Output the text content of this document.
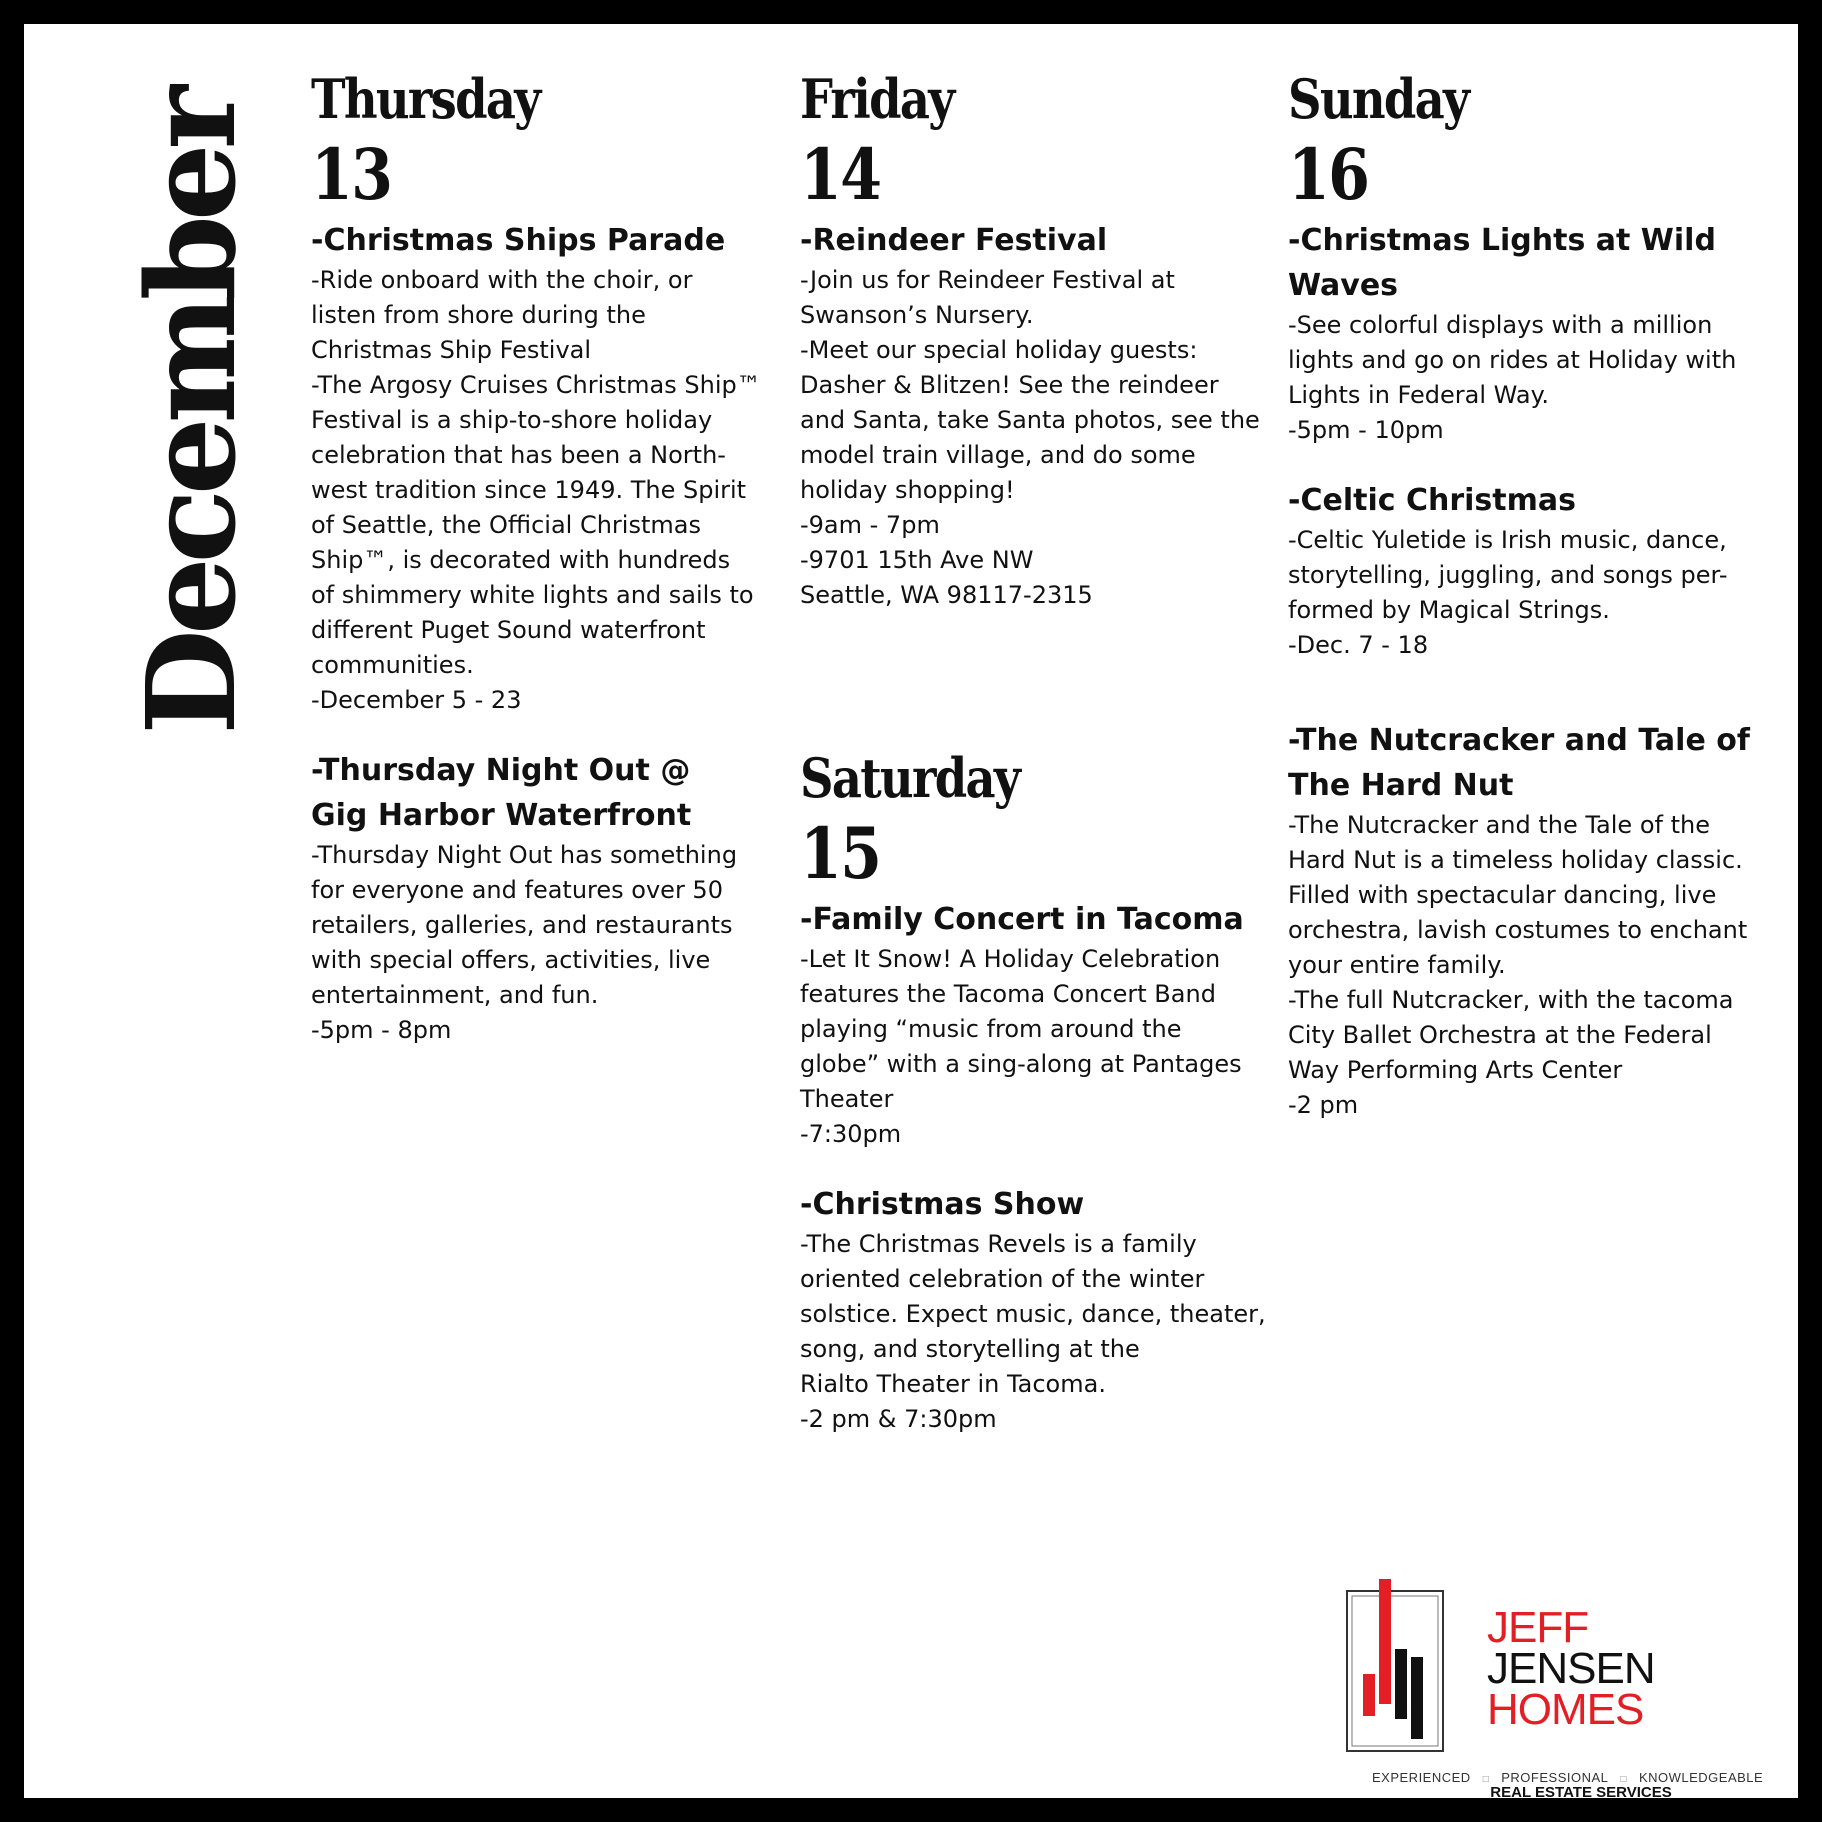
December Thursday
13
-Christmas Ships Parade
-Ride onboard with the choir, or
listen from shore during the
Christmas Ship Festival
-The Argosy Cruises Christmas Ship™
Festival is a ship-to-shore holiday
celebration that has been a North-
west tradition since 1949. The Spirit
of Seattle, the Official Christmas
Ship™, is decorated with hundreds
of shimmery white lights and sails to
different Puget Sound waterfront
communities.
-December 5 - 23
-Thursday Night Out @
Gig Harbor Waterfront
-Thursday Night Out has something
for everyone and features over 50
retailers, galleries, and restaurants
with special offers, activities, live
entertainment, and fun.
-5pm - 8pm
Friday
14
-Reindeer Festival
-Join us for Reindeer Festival at
Swanson’s Nursery.
-Meet our special holiday guests:
Dasher & Blitzen! See the reindeer
and Santa, take Santa photos, see the
model train village, and do some
holiday shopping!
-9am - 7pm
-9701 15th Ave NW
Seattle, WA 98117-2315
Saturday
15
-Family Concert in Tacoma
-Let It Snow! A Holiday Celebration
features the Tacoma Concert Band
playing “music from around the
globe” with a sing-along at Pantages
Theater
-7:30pm
-Christmas Show
-The Christmas Revels is a family
oriented celebration of the winter
solstice. Expect music, dance, theater,
song, and storytelling at the
Rialto Theater in Tacoma.
-2 pm & 7:30pm
Sunday
16
-Christmas Lights at Wild
Waves
-See colorful displays with a million
lights and go on rides at Holiday with
Lights in Federal Way.
-5pm - 10pm
-Celtic Christmas
-Celtic Yuletide is Irish music, dance,
storytelling, juggling, and songs per-
formed by Magical Strings.
-Dec. 7 - 18
-The Nutcracker and Tale of
The Hard Nut
-The Nutcracker and the Tale of the
Hard Nut is a timeless holiday classic.
Filled with spectacular dancing, live
orchestra, lavish costumes to enchant
your entire family.
-The full Nutcracker, with the tacoma
City Ballet Orchestra at the Federal
Way Performing Arts Center
-2 pm
JEFF
JENSEN
HOMES
EXPERIENCED □ PROFESSIONAL □ KNOWLEDGEABLE
REAL ESTATE SERVICES
